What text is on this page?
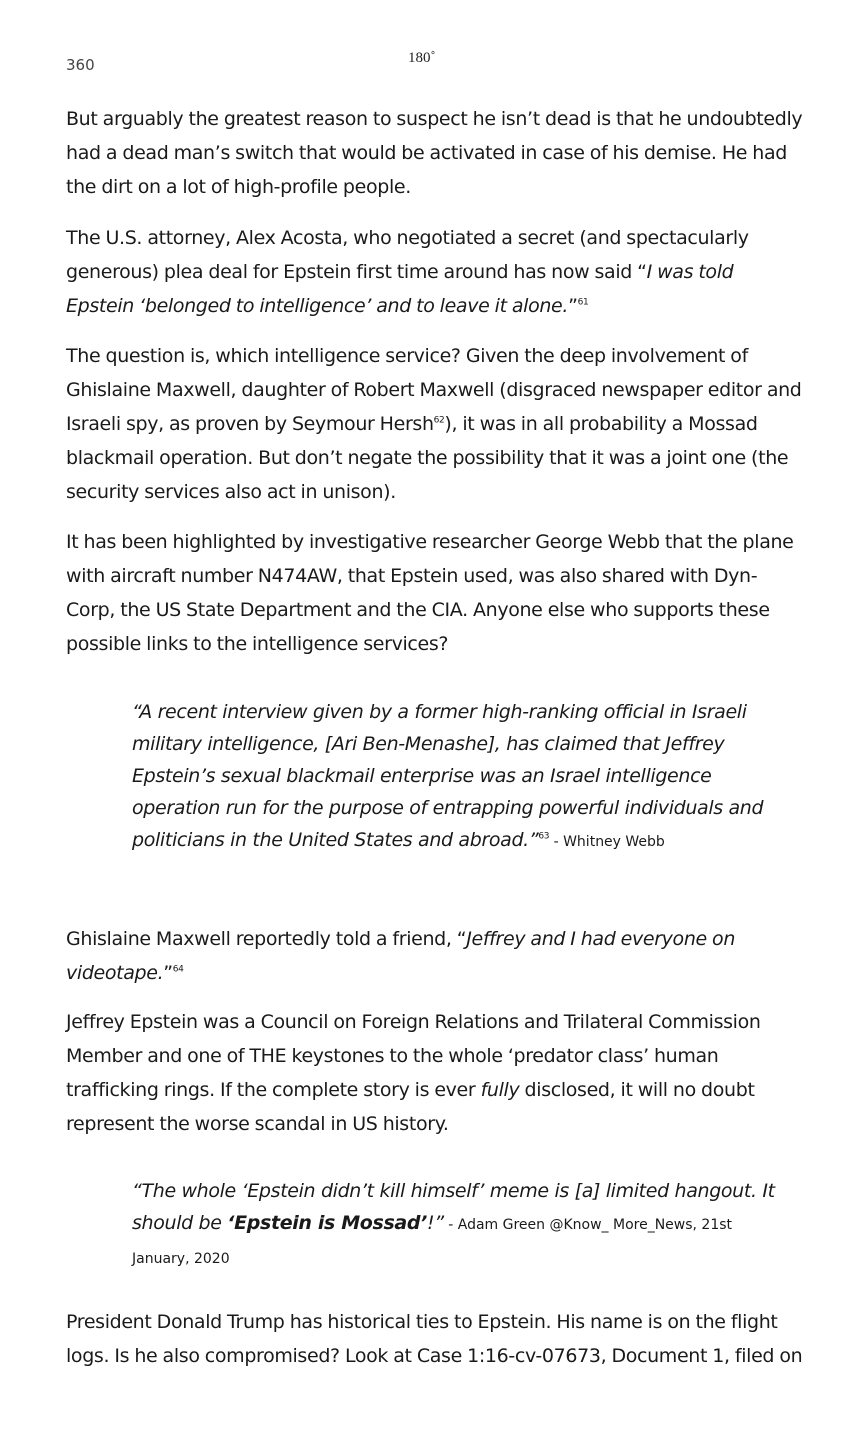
360	180˚

But arguably the greatest reason to suspect he isn’t dead is that he undoubtedly had a dead man’s switch that would be activated in case of his demise. He had the dirt on a lot of high-profile people.

The U.S. attorney, Alex Acosta, who negotiated a secret (and spectacularly generous) plea deal for Epstein first time around has now said “I was told Epstein ‘belonged to intelligence’ and to leave it alone.”$^{61}$

The question is, which intelligence service? Given the deep involvement of Ghislaine Maxwell, daughter of Robert Maxwell (disgraced newspaper editor and Israeli spy, as proven by Seymour Hersh$^{62}$), it was in all probability a Mossad blackmail operation. But don’t negate the possibility that it was a joint one (the security services also act in unison).

It has been highlighted by investigative researcher George Webb that the plane with aircraft number N474AW, that Epstein used, was also shared with Dyn-Corp, the US State Department and the CIA. Anyone else who supports these possible links to the intelligence services?

“A recent interview given by a former high-ranking official in Israeli military intelligence, [Ari Ben-Menashe], has claimed that Jeffrey Epstein’s sexual blackmail enterprise was an Israel intelligence operation run for the purpose of entrapping powerful individuals and politicians in the United States and abroad.”$^{63}$ - Whitney Webb

Ghislaine Maxwell reportedly told a friend, “Jeffrey and I had everyone on videotape.”$^{64}$

Jeffrey Epstein was a Council on Foreign Relations and Trilateral Commission Member and one of THE keystones to the whole ‘predator class’ human trafficking rings. If the complete story is ever fully disclosed, it will no doubt represent the worse scandal in US history.

“The whole ‘Epstein didn’t kill himself’ meme is [a] limited hangout. It should be ‘Epstein is Mossad’!” - Adam Green @Know_ More_News, 21st January, 2020

President Donald Trump has historical ties to Epstein. His name is on the flight logs. Is he also compromised? Look at Case 1:16-cv-07673, Document 1, filed on
